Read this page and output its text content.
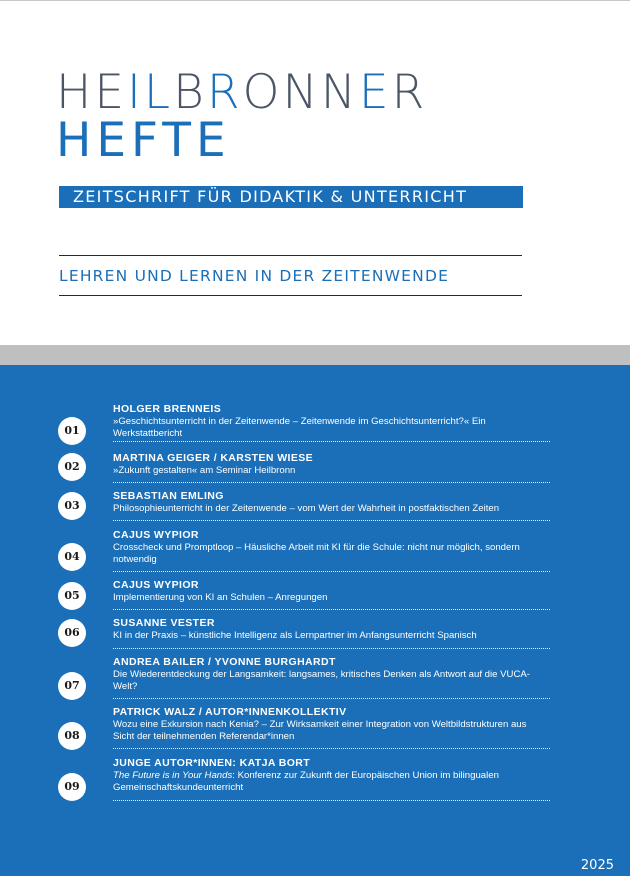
HEILBRONNER
HEFTE
ZEITSCHRIFT FÜR DIDAKTIK & UNTERRICHT
LEHREN UND LERNEN IN DER ZEITENWENDE
01
HOLGER BRENNEIS
»Geschichtsunterricht in der Zeitenwende – Zeitenwende im Geschichtsunterricht?« Ein Werkstattbericht
02
MARTINA GEIGER / KARSTEN WIESE
»Zukunft gestalten« am Seminar Heilbronn
03
SEBASTIAN EMLING
Philosophieunterricht in der Zeitenwende – vom Wert der Wahrheit in postfaktischen Zeiten
04
CAJUS WYPIOR
Crosscheck und Promptloop – Häusliche Arbeit mit KI für die Schule: nicht nur möglich, sondern notwendig
05
CAJUS WYPIOR
Implementierung von KI an Schulen – Anregungen
06
SUSANNE VESTER
KI in der Praxis – künstliche Intelligenz als Lernpartner im Anfangsunterricht Spanisch
07
ANDREA BAILER / YVONNE BURGHARDT
Die Wiederentdeckung der Langsamkeit: langsames, kritisches Denken als Antwort auf die VUCA-Welt?
08
PATRICK WALZ / AUTOR*INNENKOLLEKTIV
Wozu eine Exkursion nach Kenia? – Zur Wirksamkeit einer Integration von Weltbildstrukturen aus Sicht der teilnehmenden Referendar*innen
09
JUNGE AUTOR*INNEN: KATJA BORT
The Future is in Your Hands: Konferenz zur Zukunft der Europäischen Union im bilingualen Gemeinschaftskundeunterricht
2025
